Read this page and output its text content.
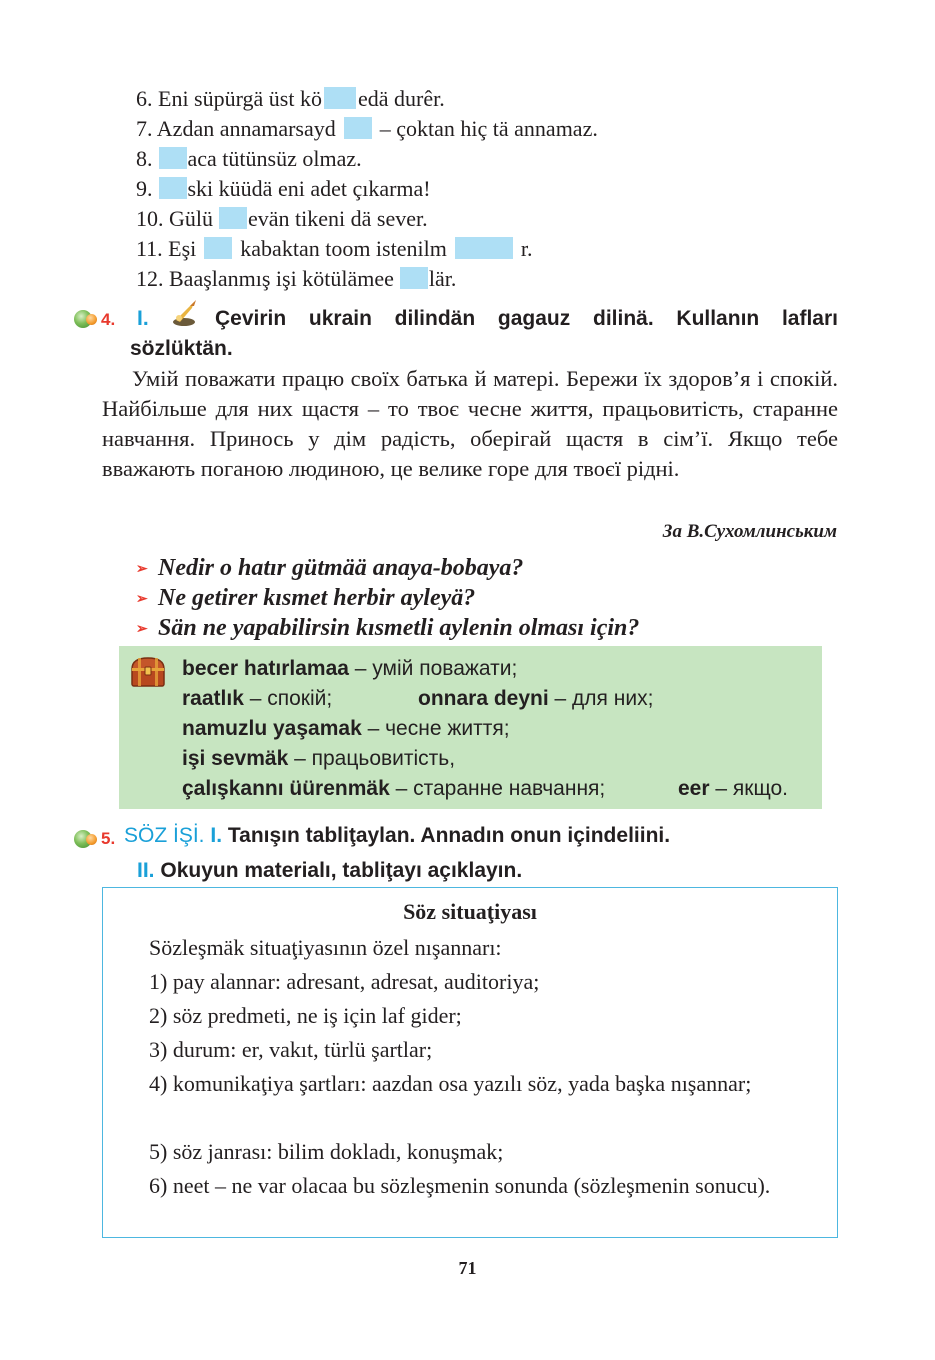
6. Eni süpürgä üst kö edä durêr.
7. Azdan annamarsayd – çoktan hiç tä annamaz.
8. aca tütünsüz olmaz.
9. ski küüdä eni adet çıkarma!
10. Gülü evän tikeni dä sever.
11. Eşi kabaktan toom istenilm	r.
12. Baaşlanmış işi kötülämee lär.
4. I.	Çevirin ukrain dilindän gagauz dilinä. Kullanın lafları
sözlüktän.

Умій поважати працю своїх батька й матері. Бережи їх здоров’я і спокій. Найбільше для них щастя – то твоє чесне життя, працьовитість, старанне навчання. Принось у дім радість, оберігай щастя в сім’ї. Якщо тебе вважають поганою людиною, це велике горе для твоєї рідні.

За В.Сухомлинським
➢ Nedir o hatır gütmää anaya-bobaya?
➢ Ne getirer kısmet herbir ayleyä?
➢ Sän ne yapabilirsin kısmetli aylenin olması için?
becer hatırlamaa – умій поважати;
raatlık – спокій;	onnara deyni – для них;
namuzlu yaşamak – чесне життя;
işi sevmäk – працьовитість,
çalışkannı üürenmäk – старанне навчання;	eer – якщо.
5. SÖZ İŞİ. I. Tanışın tabliţaylan. Annadın onun içindeliini.
II. Okuyun materialı, tabliţayı açıklayın.
Söz situaţiyası
Sözleşmäk situaţiyasının özel nışannarı:
1) pay alannar: adresant, adresat, auditoriya;
2) söz predmeti, ne iş için laf gider;
3) durum: er, vakıt, türlü şartlar;
4) komunikaţiya şartları: aazdan osa yazılı söz, yada başka nışannar;
5) söz janrası: bilim dokladı, konuşmak;
6) neet – ne var olacaa bu sözleşmenin sonunda (sözleşmenin sonucu).
71
